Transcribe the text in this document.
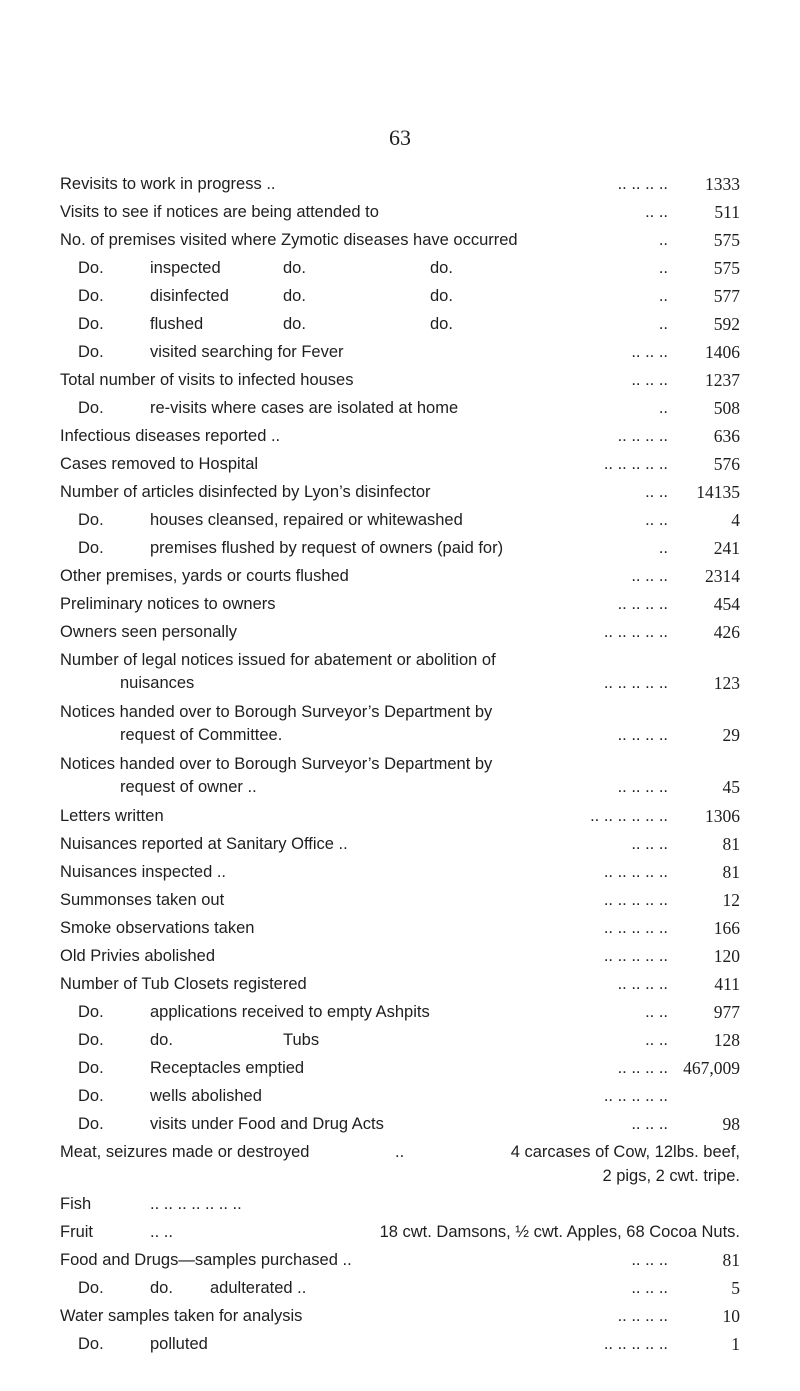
63
Revisits to work in progress ..	.. .. .. .. 1333
Visits to see if notices are being attended to	.. ..	511
No. of premises visited where Zymotic diseases have occurred	..	575
Do.	inspected	do.	do.	..	575
Do.	disinfected	do.	do.	..	577
Do.	flushed	do.	do.	..	592
Do.	visited searching for Fever	.. .. .. 1406
Total number of visits to infected houses	.. .. .. 1237
Do.	re-visits where cases are isolated at home	..	508
Infectious diseases reported ..	.. .. .. ..	636
Cases removed to Hospital	.. .. .. .. ..	576
Number of articles disinfected by Lyon’s disinfector	.. .. 14135
Do.	houses cleansed, repaired or whitewashed	.. ..	4
Do.	premises flushed by request of owners (paid for)	..	241
Other premises, yards or courts flushed	.. .. .. 2314
Preliminary notices to owners	.. .. .. ..	454
Owners seen personally	.. .. .. .. ..	426
Number of legal notices issued for abatement or abolition of
nuisances	.. .. .. .. ..	123
Notices handed over to Borough Surveyor’s Department by
request of Committee.	.. .. .. ..	29
Notices handed over to Borough Surveyor’s Department by
request of owner ..	.. .. .. ..	45
Letters written	.. .. .. .. .. .. 1306
Nuisances reported at Sanitary Office ..	.. .. ..	81
Nuisances inspected ..	.. .. .. .. ..	81
Summonses taken out	.. .. .. .. ..	12
Smoke observations taken	.. .. .. .. ..	166
Old Privies abolished	.. .. .. .. ..	120
Number of Tub Closets registered	.. .. .. ..	411
Do.	applications received to empty Ashpits	.. ..	977
Do.	do.	Tubs	.. ..	128
Do.	Receptacles emptied	.. .. .. .. 467,009
Do.	wells abolished	.. .. .. .. ..
Do.	visits under Food and Drug Acts	.. .. ..	98
Meat, seizures made or destroyed	..	4 carcases of Cow, 12lbs. beef,
2 pigs, 2 cwt. tripe.
Fish	.. .. .. .. .. .. ..
Fruit	.. ..	18 cwt. Damsons, ½ cwt. Apples, 68 Cocoa Nuts.
Food and Drugs—samples purchased ..	.. .. ..	81
Do.	do. adulterated ..	.. .. ..	5
Water samples taken for analysis	.. .. .. ..	10
Do.	polluted	.. .. .. .. ..	1
